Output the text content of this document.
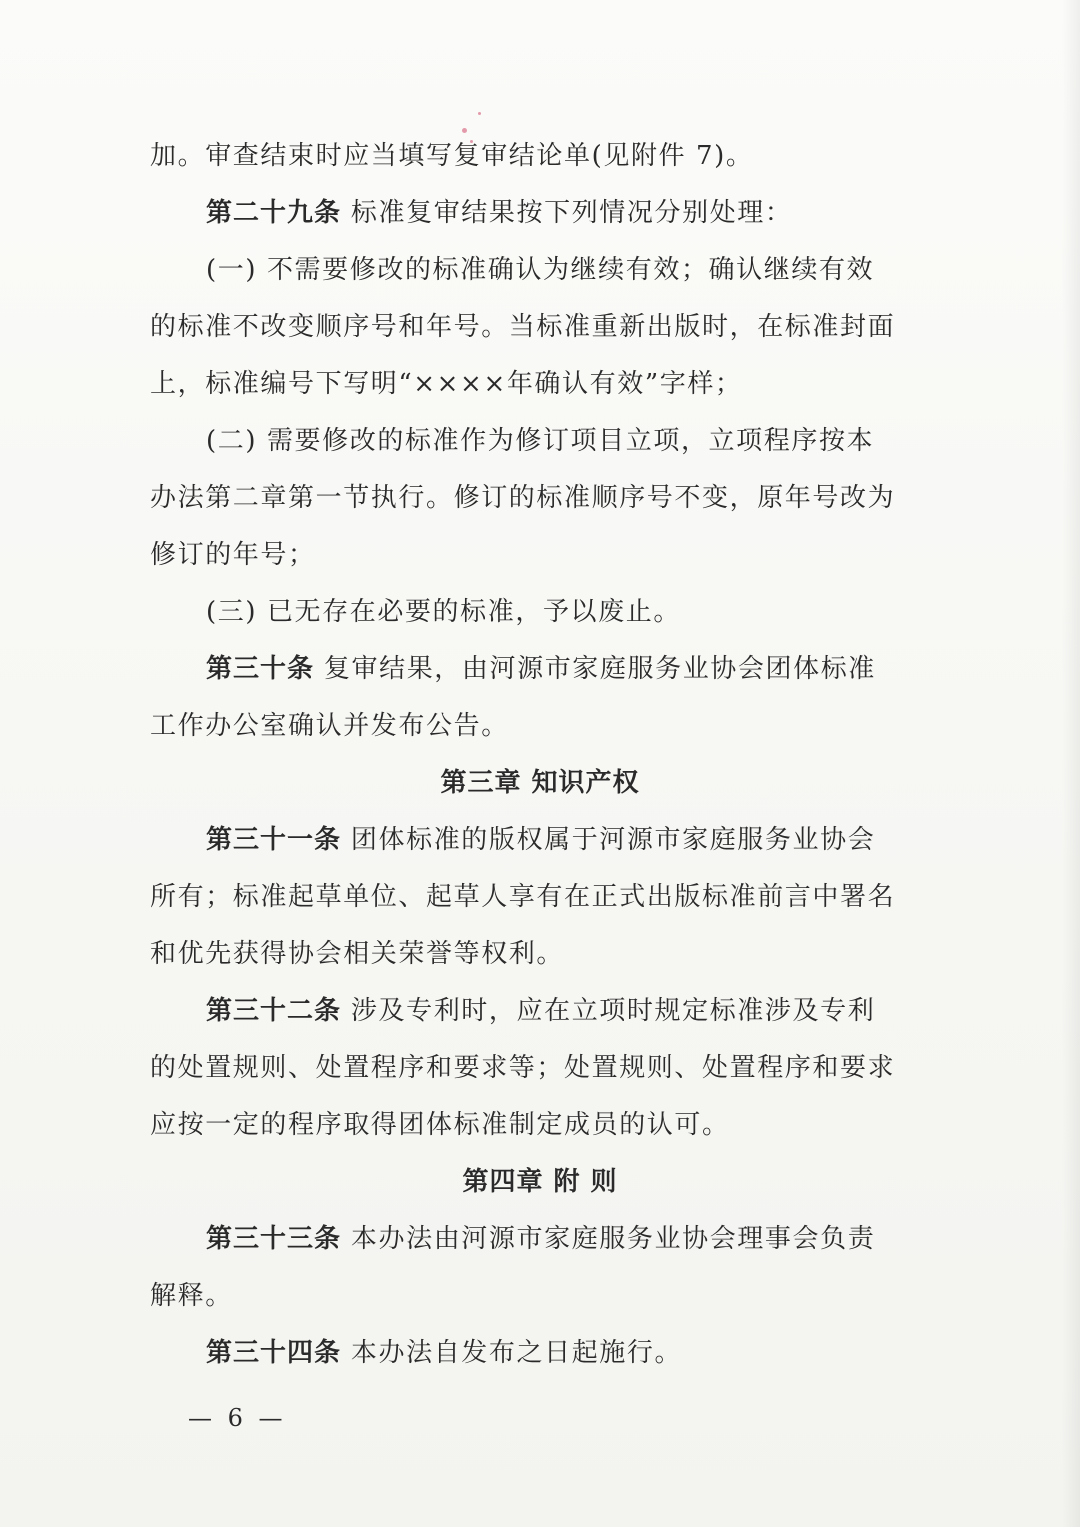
加。审查结束时应当填写复审结论单(见附件 7)。
第二十九条 标准复审结果按下列情况分别处理：
(一) 不需要修改的标准确认为继续有效；确认继续有效
的标准不改变顺序号和年号。当标准重新出版时，在标准封面
上，标准编号下写明“××××年确认有效”字样；
(二) 需要修改的标准作为修订项目立项，立项程序按本
办法第二章第一节执行。修订的标准顺序号不变，原年号改为
修订的年号；
(三) 已无存在必要的标准，予以废止。
第三十条 复审结果，由河源市家庭服务业协会团体标准
工作办公室确认并发布公告。
第三章 知识产权
第三十一条 团体标准的版权属于河源市家庭服务业协会
所有；标准起草单位、起草人享有在正式出版标准前言中署名
和优先获得协会相关荣誉等权利。
第三十二条 涉及专利时，应在立项时规定标准涉及专利
的处置规则、处置程序和要求等；处置规则、处置程序和要求
应按一定的程序取得团体标准制定成员的认可。
第四章 附 则
第三十三条 本办法由河源市家庭服务业协会理事会负责
解释。
第三十四条 本办法自发布之日起施行。
— 6 —
